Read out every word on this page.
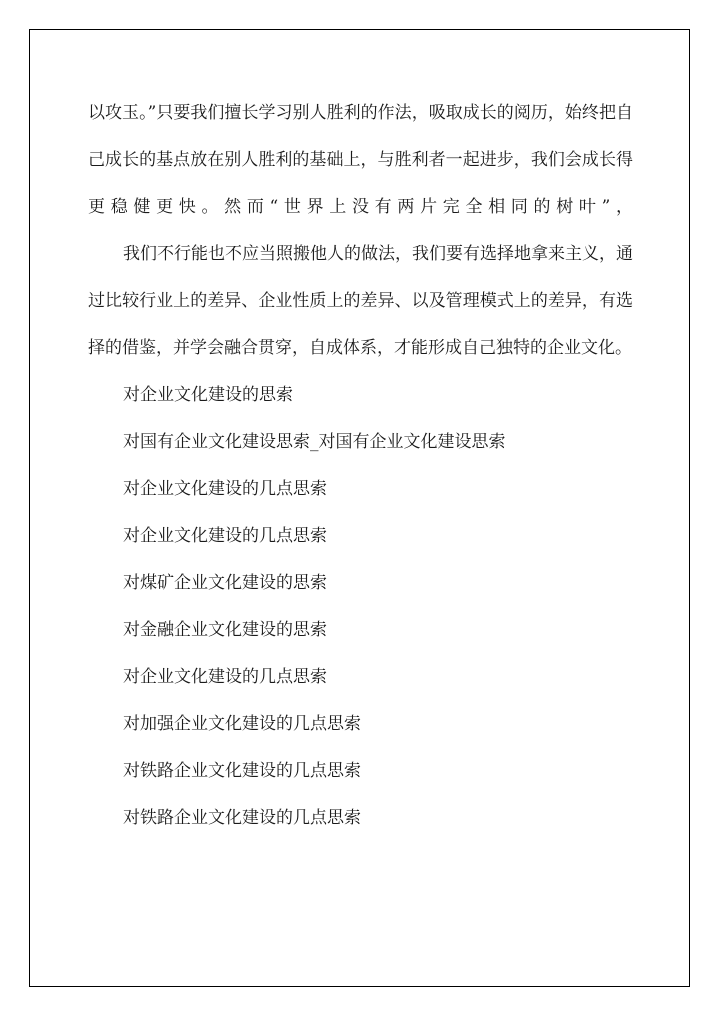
以攻玉。”只要我们擅长学习别人胜利的作法，吸取成长的阅历，始终把自己成长的基点放在别人胜利的基础上，与胜利者一起进步，我们会成长得更稳健更快。然而“世界上没有两片完全相同的树叶”，

我们不行能也不应当照搬他人的做法，我们要有选择地拿来主义，通过比较行业上的差异、企业性质上的差异、以及管理模式上的差异，有选择的借鉴，并学会融合贯穿，自成体系，才能形成自己独特的企业文化。

对企业文化建设的思索

对国有企业文化建设思索_对国有企业文化建设思索

对企业文化建设的几点思索

对企业文化建设的几点思索

对煤矿企业文化建设的思索

对金融企业文化建设的思索

对企业文化建设的几点思索

对加强企业文化建设的几点思索

对铁路企业文化建设的几点思索

对铁路企业文化建设的几点思索
